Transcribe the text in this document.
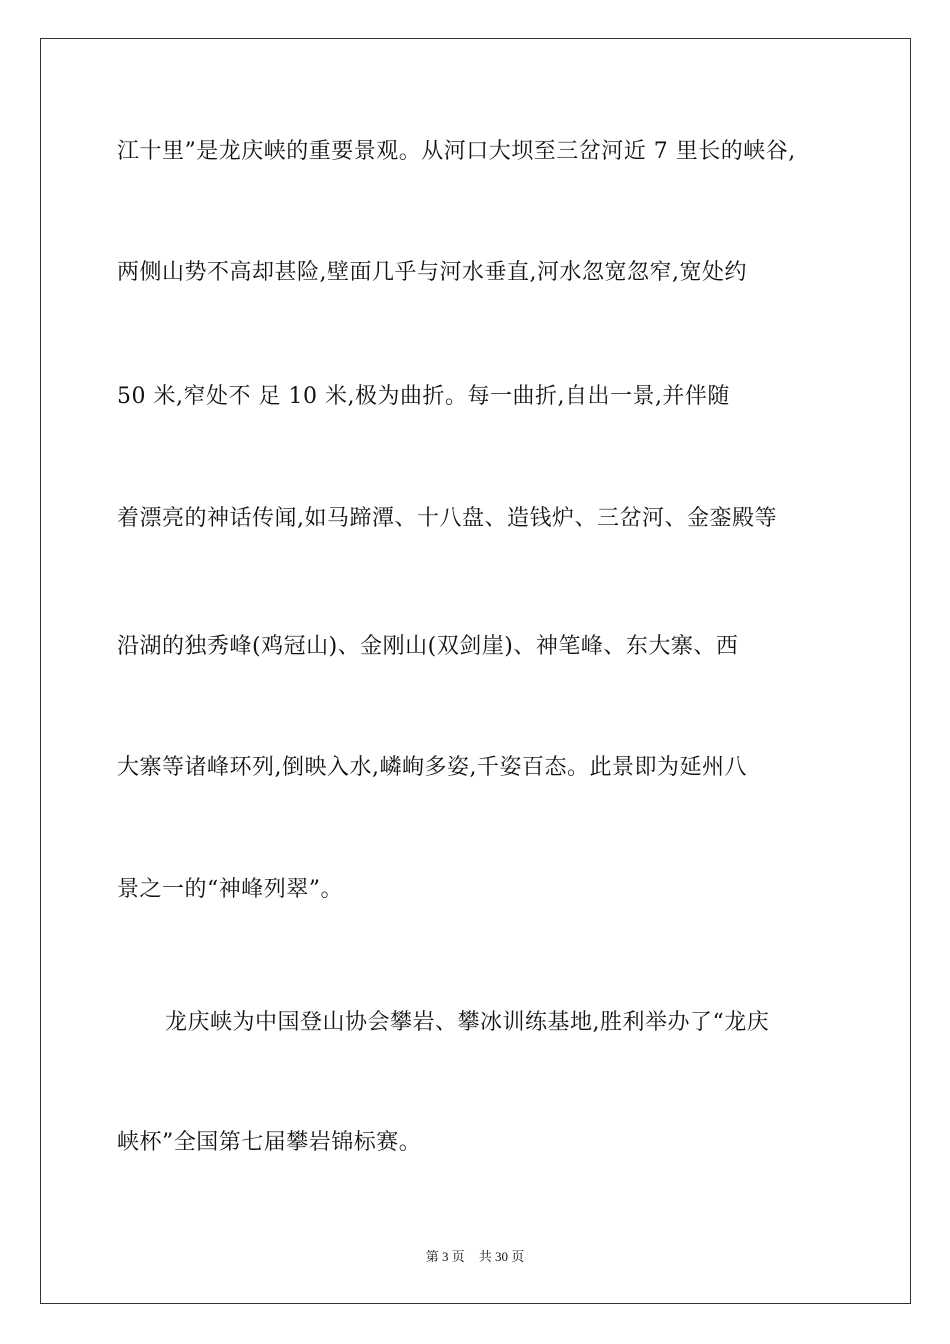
江十里”是龙庆峡的重要景观。从河口大坝至三岔河近 7 里长的峡谷,
两侧山势不高却甚险,壁面几乎与河水垂直,河水忽宽忽窄,宽处约
50 米,窄处不 足 10 米,极为曲折。每一曲折,自出一景,并伴随
着漂亮的神话传闻,如马蹄潭、十八盘、造钱炉、三岔河、金銮殿等
沿湖的独秀峰(鸡冠山)、金刚山(双剑崖)、神笔峰、东大寨、西
大寨等诸峰环列,倒映入水,嶙峋多姿,千姿百态。此景即为延州八
景之一的“神峰列翠”。
龙庆峡为中国登山协会攀岩、攀冰训练基地,胜利举办了“龙庆
峡杯”全国第七届攀岩锦标赛。
第 3 页 共 30 页
